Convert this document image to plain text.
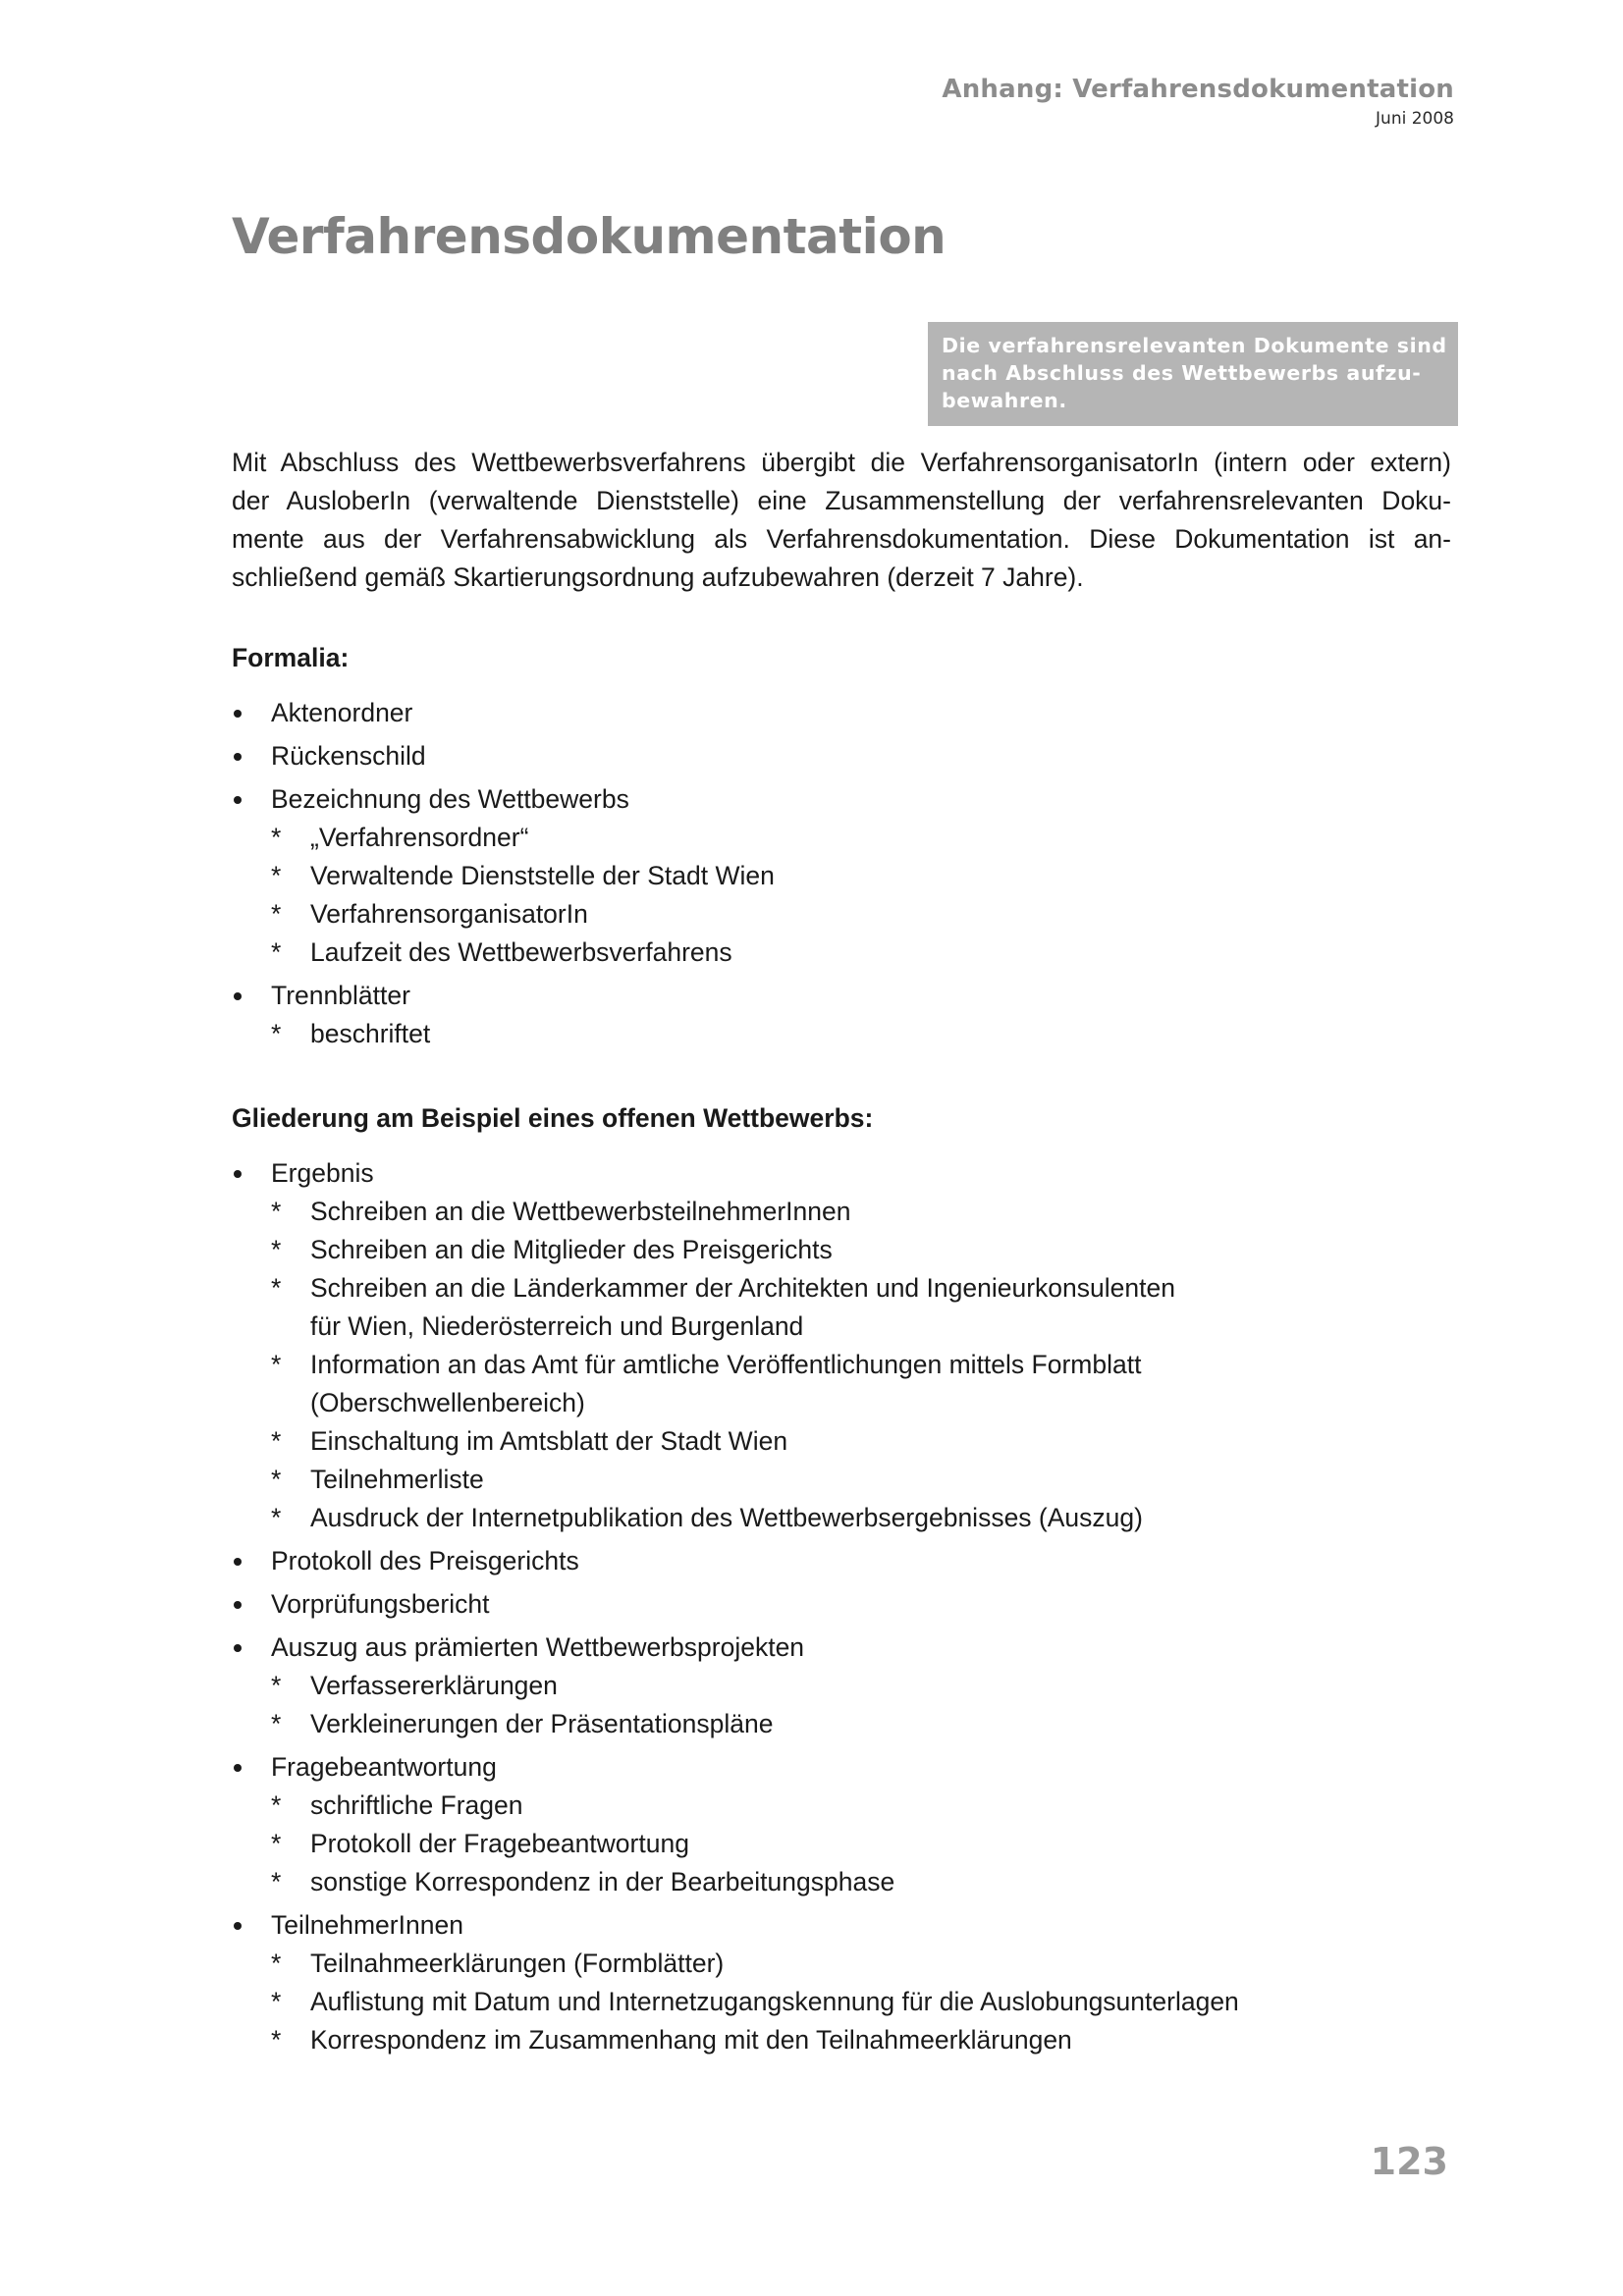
Anhang: Verfahrensdokumentation
Juni 2008
Verfahrensdokumentation
Die verfahrensrelevanten Dokumente sind
nach Abschluss des Wettbewerbs aufzu-
bewahren.
Mit Abschluss des Wettbewerbsverfahrens übergibt die VerfahrensorganisatorIn (intern oder extern)
der AusloberIn (verwaltende Dienststelle) eine Zusammenstellung der verfahrensrelevanten Doku-
mente aus der Verfahrensabwicklung als Verfahrensdokumentation. Diese Dokumentation ist an-
schließend gemäß Skartierungsordnung aufzubewahren (derzeit 7 Jahre).
Formalia:
Aktenordner
Rückenschild
Bezeichnung des Wettbewerbs
* „Verfahrensordner“
* Verwaltende Dienststelle der Stadt Wien
* VerfahrensorganisatorIn
* Laufzeit des Wettbewerbsverfahrens
Trennblätter
* beschriftet
Gliederung am Beispiel eines offenen Wettbewerbs:
Ergebnis
* Schreiben an die WettbewerbsteilnehmerInnen
* Schreiben an die Mitglieder des Preisgerichts
* Schreiben an die Länderkammer der Architekten und Ingenieurkonsulenten
für Wien, Niederösterreich und Burgenland
* Information an das Amt für amtliche Veröffentlichungen mittels Formblatt
(Oberschwellenbereich)
* Einschaltung im Amtsblatt der Stadt Wien
* Teilnehmerliste
* Ausdruck der Internetpublikation des Wettbewerbsergebnisses (Auszug)
Protokoll des Preisgerichts
Vorprüfungsbericht
Auszug aus prämierten Wettbewerbsprojekten
* Verfassererklärungen
* Verkleinerungen der Präsentationspläne
Fragebeantwortung
* schriftliche Fragen
* Protokoll der Fragebeantwortung
* sonstige Korrespondenz in der Bearbeitungsphase
TeilnehmerInnen
* Teilnahmeerklärungen (Formblätter)
* Auflistung mit Datum und Internetzugangskennung für die Auslobungsunterlagen
* Korrespondenz im Zusammenhang mit den Teilnahmeerklärungen
123
